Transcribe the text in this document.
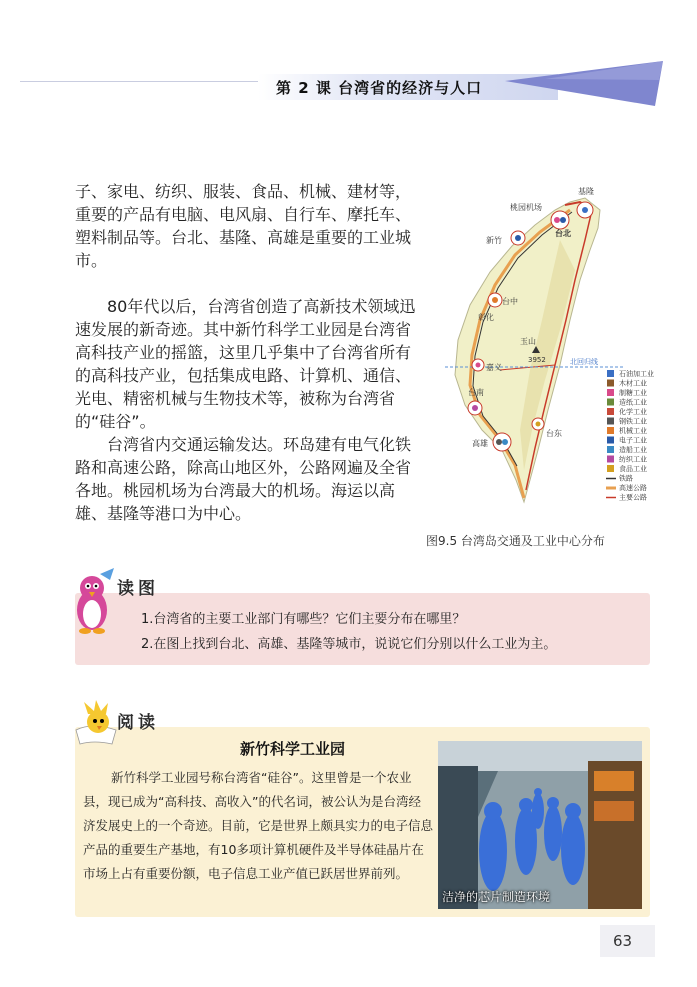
第 2 课 台湾省的经济与人口

子、家电、纺织、服装、食品、机械、建材等，重要的产品有电脑、电风扇、自行车、摩托车、塑料制品等。台北、基隆、高雄是重要的工业城市。

80年代以后，台湾省创造了高新技术领域迅速发展的新奇迹。其中新竹科学工业园是台湾省高科技产业的摇篮，这里几乎集中了台湾省所有的高科技产业，包括集成电路、计算机、通信、光电、精密机械与生物技术等，被称为台湾省的“硅谷”。

台湾省内交通运输发达。环岛建有电气化铁路和高速公路，除高山地区外，公路网遍及全省各地。桃园机场为台湾最大的机场。海运以高雄、基隆等港口为中心。

北回归线
基隆
桃园机场
台北
新竹
台中
彰化
嘉义
玉山
3952
台南
高雄
台东
石油加工业
木材工业
制糖工业
造纸工业
化学工业
钢铁工业
机械工业
电子工业
造船工业
纺织工业
食品工业
铁路
高速公路
主要公路
图9.5 台湾岛交通及工业中心分布
读图
1.台湾省的主要工业部门有哪些？它们主要分布在哪里？
2.在图上找到台北、高雄、基隆等城市，说说它们分别以什么工业为主。
阅读
新竹科学工业园

新竹科学工业园号称台湾省“硅谷”。这里曾是一个农业县，现已成为“高科技、高收入”的代名词，被公认为是台湾经济发展史上的一个奇迹。目前，它是世界上颇具实力的电子信息产品的重要生产基地，有10多项计算机硬件及半导体硅晶片在市场上占有重要份额，电子信息工业产值已跃居世界前列。

洁净的芯片制造环境
63
